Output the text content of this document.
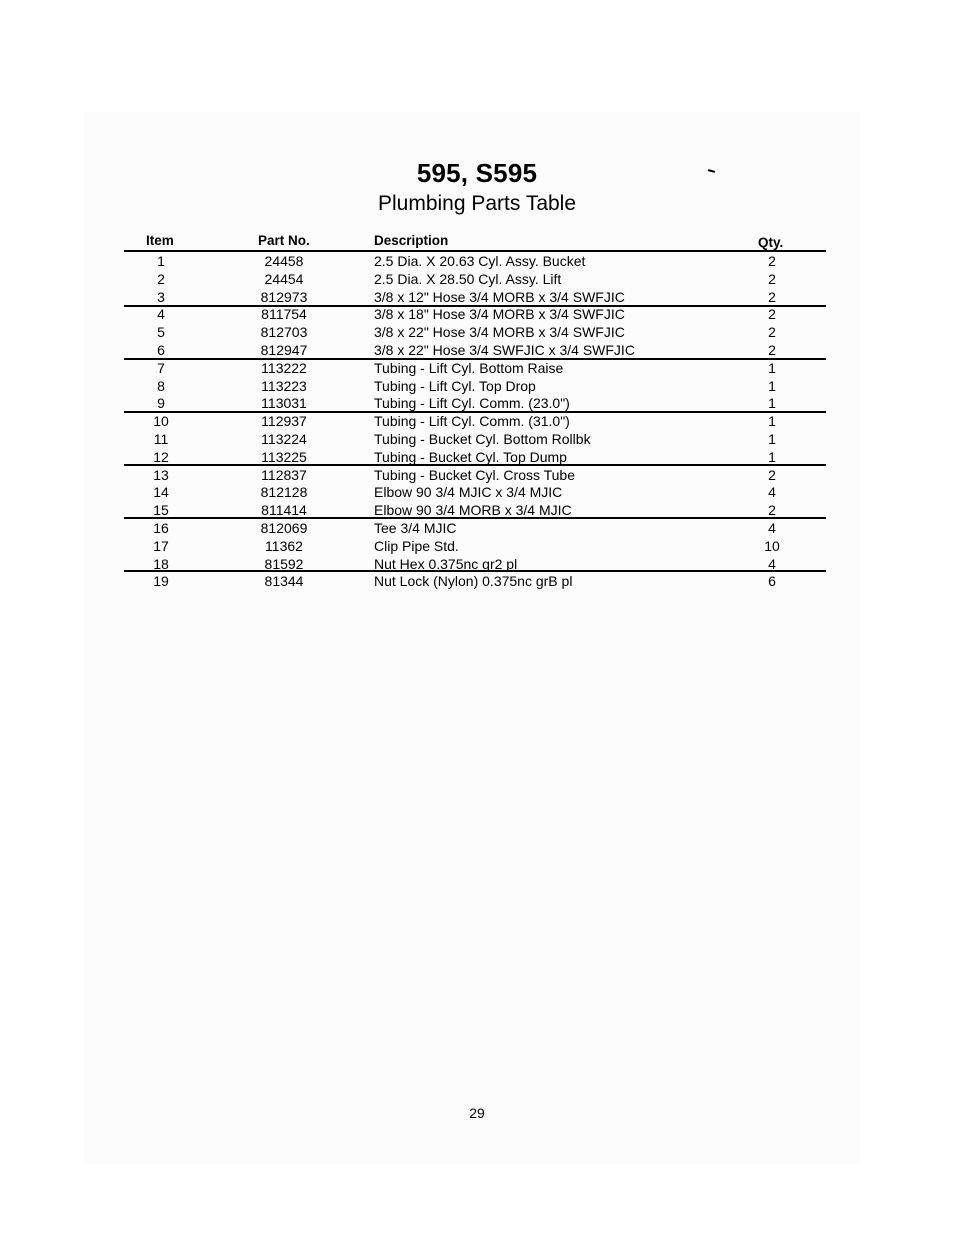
595, S595
Plumbing Parts Table
Item	Part No.	Description	Qty.
1	24458	2.5 Dia. X 20.63 Cyl. Assy. Bucket	2
2	24454	2.5 Dia. X 28.50 Cyl. Assy. Lift	2
3	812973	3/8 x 12" Hose 3/4 MORB x 3/4 SWFJIC	2
4	811754	3/8 x 18" Hose 3/4 MORB x 3/4 SWFJIC	2
5	812703	3/8 x 22" Hose 3/4 MORB x 3/4 SWFJIC	2
6	812947	3/8 x 22" Hose 3/4 SWFJIC x 3/4 SWFJIC	2
7	113222	Tubing - Lift Cyl. Bottom Raise	1
8	113223	Tubing - Lift Cyl. Top Drop	1
9	113031	Tubing - Lift Cyl. Comm. (23.0")	1
10	112937	Tubing - Lift Cyl. Comm. (31.0")	1
11	113224	Tubing - Bucket Cyl. Bottom Rollbk	1
12	113225	Tubing - Bucket Cyl. Top Dump	1
13	112837	Tubing - Bucket Cyl. Cross Tube	2
14	812128	Elbow 90 3/4 MJIC x 3/4 MJIC	4
15	811414	Elbow 90 3/4 MORB x 3/4 MJIC	2
16	812069	Tee 3/4 MJIC	4
17	11362	Clip Pipe Std.	10
18	81592	Nut Hex 0.375nc gr2 pl	4
19	81344	Nut Lock (Nylon) 0.375nc grB pl	6
29
